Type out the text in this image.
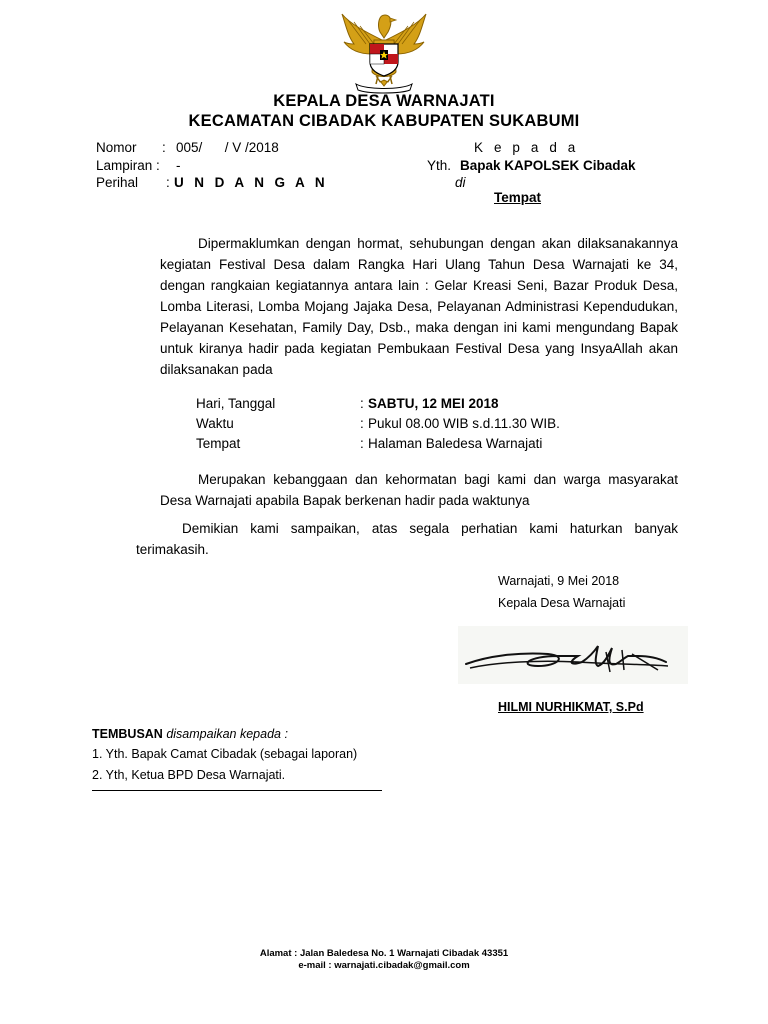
KEPALA DESA WARNAJATI
KECAMATAN CIBADAK KABUPATEN SUKABUMI
Nomor : 005/      / V /2018
Lampiran : -
Perihal : U N D A N G A N
K e p a d a
Yth. Bapak KAPOLSEK Cibadak
di
Tempat
Dipermaklumkan dengan hormat, sehubungan dengan akan dilaksanakannya kegiatan Festival Desa dalam Rangka Hari Ulang Tahun Desa Warnajati ke 34, dengan rangkaian kegiatannya antara lain : Gelar Kreasi Seni, Bazar Produk Desa, Lomba Literasi, Lomba Mojang Jajaka Desa, Pelayanan Administrasi Kependudukan, Pelayanan Kesehatan, Family Day, Dsb., maka dengan ini kami mengundang Bapak untuk kiranya hadir pada kegiatan Pembukaan Festival Desa yang InsyaAllah akan dilaksanakan pada
Hari, Tanggal	: SABTU, 12 MEI 2018
Waktu	: Pukul 08.00 WIB s.d.11.30 WIB.
Tempat	: Halaman Baledesa Warnajati
Merupakan kebanggaan dan kehormatan bagi kami dan warga masyarakat Desa Warnajati apabila Bapak berkenan hadir pada waktunya
Demikian kami sampaikan, atas segala perhatian kami haturkan banyak terimakasih.
Warnajati, 9 Mei 2018
Kepala Desa Warnajati
HILMI NURHIKMAT, S.Pd
TEMBUSAN disampaikan kepada :
1. Yth. Bapak Camat Cibadak (sebagai laporan)
2. Yth, Ketua BPD Desa Warnajati.
Alamat : Jalan Baledesa No. 1 Warnajati Cibadak 43351
e-mail : warnajati.cibadak@gmail.com
